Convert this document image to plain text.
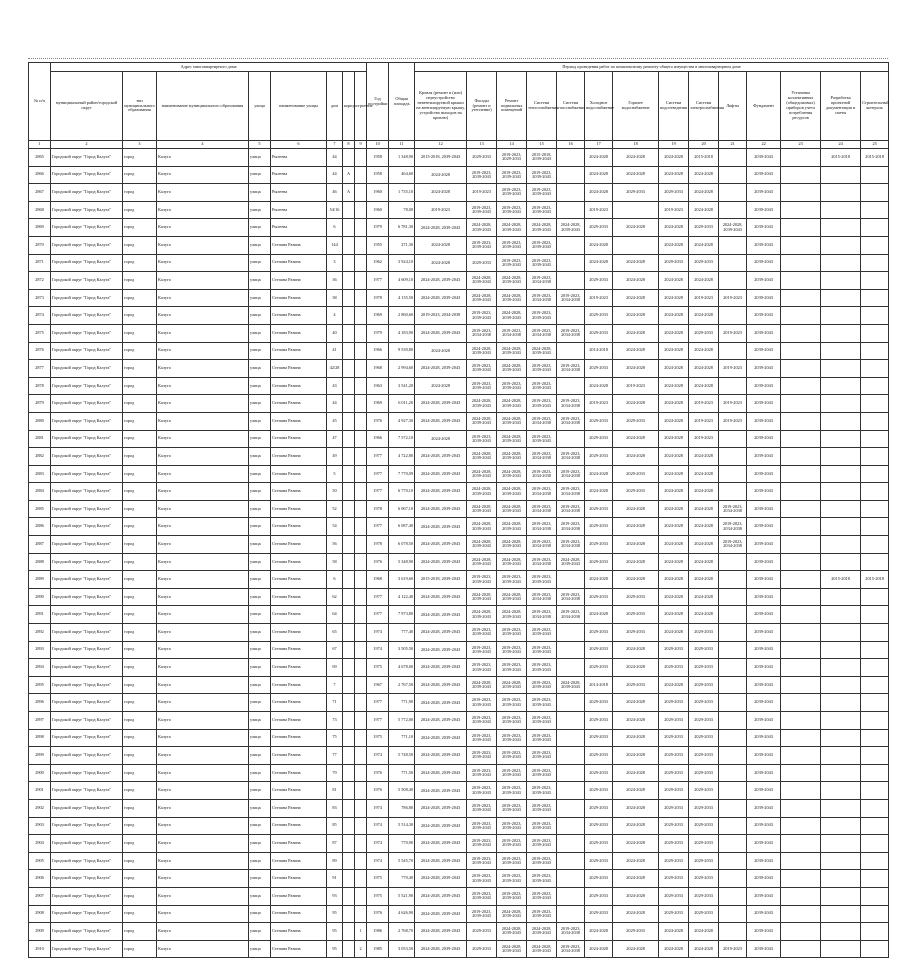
№ п/п	Адрес многоквартирного дома								Год постройки	Общая площадь	Период проведения работ по комплексному ремонту общего имущества в многоквартирном доме													
	муниципальный район/городской округ	тип муниципального образования	наименование муниципального образования	улица	наименование улицы	дом	корпус	строение			Кровля (ремонт и (или) переустройство невентилируемой крыши на вентилируемую крышу, устройство выходов на кровлю)	Фасады (ремонт и утепление)	Ремонт подвальных помещений	Система теплоснабжения	Система газоснабжения	Холодное водоснабжение	Горячее водоснабжение	Система водоотведения	Система электроснабжения	Лифты	Фундамент	Установка коллективных (общедомовых) приборов учета потребления ресурсов	Разработка проектной документации и сметы	Строительный контроль
1	2	3	4	5	6	7	8	9	10	11	12	13	14	15	16	17	18	19	20	21	22	23	24	25
2865	Городской округ "Город Калуга"	город	Калуга	улица	Рылеева	44			1958	1 348,90	2015-2018, 2039-2043	2029-2033	2019-2023, 2029-2033	2015-2018, 2039-2043		2024-2028	2024-2028	2024-2028	2015-2018		2039-2043		2015-2018	2015-2018
2866	Городской округ "Город Калуга"	город	Калуга	улица	Рылеева	44	А		1958	464,60	2024-2028	2019-2023, 2039-2043	2019-2023, 2039-2043	2019-2023, 2039-2043		2024-2028	2024-2028	2024-2028	2024-2028		2039-2043			
2867	Городской округ "Город Калуга"	город	Калуга	улица	Рылеева	46	А		1960	1 735,10	2024-2028	2019-2023	2019-2023, 2039-2043	2019-2023, 2039-2043		2024-2028	2029-2033	2029-2033	2024-2028		2039-2043			
2868	Городской округ "Город Калуга"	город	Калуга	улица	Рылеева	54/16			1960	78,00	2019-2023	2019-2023, 2039-2043	2019-2023, 2039-2043	2019-2023, 2039-2043		2019-2023		2019-2023	2024-2028		2039-2043			
2869	Городской округ "Город Калуга"	город	Калуга	улица	Рылеева	6			1979	6 781,30	2024-2028, 2039-2043	2024-2028, 2039-2043	2024-2028, 2039-2043	2024-2028, 2039-2043	2024-2028, 2039-2043	2029-2033	2024-2028	2024-2028	2029-2033	2024-2028, 2039-2043	2039-2043			
2870	Городской округ "Город Калуга"	город	Калуга	улица	Степана Разина	144			1955	271,30	2024-2028	2019-2023, 2039-2043	2019-2023, 2039-2043	2019-2023, 2039-2043		2024-2028		2024-2028	2024-2028		2039-2043			
2871	Городской округ "Город Калуга"	город	Калуга	улица	Степана Разина	3			1962	3 924,10	2024-2028	2029-2033	2019-2023, 2039-2043	2019-2023, 2039-2043		2024-2028	2024-2028	2029-2033	2029-2033		2039-2043			
2872	Городской округ "Город Калуга"	город	Калуга	улица	Степана Разина	36			1977	4 609,10	2024-2028, 2039-2043	2024-2028, 2039-2043	2024-2028, 2039-2043	2019-2023, 2034-2038		2029-2033	2024-2028	2024-2028	2024-2028		2039-2043			
2873	Городской округ "Город Калуга"	город	Калуга	улица	Степана Разина	38			1978	4 135,50	2024-2028, 2039-2043	2024-2028, 2039-2043	2024-2028, 2039-2043	2019-2023, 2034-2038	2019-2023, 2034-2038	2019-2023	2024-2028	2024-2028	2019-2023	2019-2023	2039-2043			
2874	Городской округ "Город Калуга"	город	Калуга	улица	Степана Разина	4			1969	2 860,60	2019-2023, 2034-2038	2019-2023, 2039-2043	2024-2028, 2039-2043	2019-2023, 2039-2043		2029-2033	2024-2028	2024-2028	2024-2028		2039-2043			
2875	Городской округ "Город Калуга"	город	Калуга	улица	Степана Разина	40			1979	4 183,90	2024-2028, 2039-2043	2019-2023, 2034-2038	2019-2023, 2034-2038	2019-2023, 2034-2038	2019-2023, 2034-2038	2029-2033	2024-2028	2024-2028	2029-2033	2019-2023	2039-2043			
2876	Городской округ "Город Калуга"	город	Калуга	улица	Степана Разина	41			1966	9 539,80	2024-2028	2024-2028, 2039-2043	2024-2028, 2039-2043	2024-2028, 2039-2043		2014-2018	2024-2028	2024-2028	2024-2028		2039-2043			
2877	Городской округ "Город Калуга"	город	Калуга	улица	Степана Разина	42/28			1968	2 994,60	2024-2028, 2039-2043	2019-2023, 2039-2043	2024-2028, 2039-2043	2019-2023, 2039-2043	2019-2023, 2034-2038	2029-2033	2024-2028	2024-2028	2024-2028	2019-2023	2039-2043			
2878	Городской округ "Город Калуга"	город	Калуга	улица	Степана Разина	43			1963	3 541,20	2024-2028	2019-2023, 2039-2043	2019-2023, 2039-2043	2019-2023, 2039-2043		2024-2028	2019-2023	2024-2028	2024-2028		2039-2043			
2879	Городской округ "Город Калуга"	город	Калуга	улица	Степана Разина	44			1969	6 011,20	2024-2028, 2039-2043	2024-2028, 2039-2043	2024-2028, 2039-2043	2019-2023, 2039-2043	2019-2023, 2034-2038	2019-2023	2024-2028	2024-2028	2019-2023	2019-2023	2039-2043			
2880	Городской округ "Город Калуга"	город	Калуга	улица	Степана Разина	45			1976	4 927,30	2024-2028, 2039-2043	2024-2028, 2039-2043	2024-2028, 2039-2043	2019-2023, 2034-2038	2019-2023, 2034-2038	2029-2033	2029-2033	2024-2028	2019-2023	2019-2023	2039-2043			
2881	Городской округ "Город Калуга"	город	Калуга	улица	Степана Разина	47			1966	7 572,10	2024-2028	2019-2023, 2039-2043	2024-2028, 2039-2043	2019-2023, 2039-2043		2029-2033	2024-2028	2024-2028	2019-2023		2039-2043			
2882	Городской округ "Город Калуга"	город	Калуга	улица	Степана Разина	49			1977	4 722,80	2024-2028, 2039-2043	2024-2028, 2039-2043	2024-2028, 2039-2043	2019-2023, 2034-2038	2019-2023, 2034-2038	2029-2033	2024-2028	2024-2028	2024-2028		2039-2043			
2883	Городской округ "Город Калуга"	город	Калуга	улица	Степана Разина	5			1977	7 770,09	2024-2028, 2039-2043	2024-2028, 2039-2043	2024-2028, 2039-2043	2019-2023, 2034-2038	2019-2023, 2034-2038	2024-2028	2029-2033	2024-2028	2024-2028		2039-2043			
2884	Городской округ "Город Калуга"	город	Калуга	улица	Степана Разина	50			1977	6 770,10	2024-2028, 2039-2043	2024-2028, 2039-2043	2024-2028, 2039-2043	2019-2023, 2034-2038	2019-2023, 2034-2038	2024-2028	2029-2033	2024-2028	2024-2028		2039-2043			
2885	Городской округ "Город Калуга"	город	Калуга	улица	Степана Разина	52			1978	6 067,10	2024-2028, 2039-2043	2024-2028, 2039-2043	2024-2028, 2039-2043	2019-2023, 2034-2038	2019-2023, 2034-2038	2029-2033	2024-2028	2024-2028	2024-2028	2019-2023, 2034-2038	2039-2043			
2886	Городской округ "Город Калуга"	город	Калуга	улица	Степана Разина	54			1977	6 087,40	2024-2028, 2039-2043	2024-2028, 2039-2043	2024-2028, 2039-2043	2019-2023, 2034-2038	2019-2023, 2034-2038	2029-2033	2024-2028	2024-2028	2024-2028	2019-2023, 2034-2038	2039-2043			
2887	Городской округ "Город Калуга"	город	Калуга	улица	Степана Разина	56			1978	6 078,50	2024-2028, 2039-2043	2024-2028, 2039-2043	2024-2028, 2039-2043	2019-2023, 2034-2038	2019-2023, 2034-2038	2029-2033	2024-2028	2024-2028	2024-2028	2019-2023, 2034-2038	2039-2043			
2888	Городской округ "Город Калуга"	город	Калуга	улица	Степана Разина	58			1976	5 348,90	2024-2028, 2039-2043	2024-2028, 2039-2043	2024-2028, 2039-2043	2019-2023, 2034-2038	2024-2028, 2039-2043	2029-2033	2024-2028	2024-2028	2024-2028		2039-2043			
2889	Городской округ "Город Калуга"	город	Калуга	улица	Степана Разина	6			1968	3 619,60	2015-2018, 2039-2043	2019-2023, 2039-2043	2019-2023, 2039-2043	2019-2023, 2039-2043		2024-2028	2024-2028	2024-2028	2024-2028		2039-2043		2015-2018	2015-2018
2890	Городской округ "Город Калуга"	город	Калуга	улица	Степана Разина	62			1977	4 122,40	2024-2028, 2039-2043	2024-2028, 2039-2043	2024-2028, 2039-2043	2019-2023, 2034-2038	2019-2023, 2034-2038	2029-2033	2029-2033	2024-2028	2024-2028		2039-2043			
2891	Городской округ "Город Калуга"	город	Калуга	улица	Степана Разина	64			1977	7 973,80	2024-2028, 2039-2043	2024-2028, 2039-2043	2024-2028, 2039-2043	2019-2023, 2034-2038	2019-2023, 2034-2038	2024-2028	2029-2033	2024-2028	2024-2028		2039-2043			
2892	Городской округ "Город Калуга"	город	Калуга	улица	Степана Разина	65			1974	777,40	2024-2028, 2039-2043	2019-2023, 2039-2043	2019-2023, 2039-2043	2019-2023, 2039-2043		2029-2033	2029-2033	2024-2028	2029-2033		2039-2043			
2893	Городской округ "Город Калуга"	город	Калуга	улица	Степана Разина	67			1974	3 505,50	2024-2028, 2039-2043	2019-2023, 2039-2043	2019-2023, 2039-2043	2019-2023, 2039-2043		2029-2033	2024-2028	2029-2033	2029-2033		2039-2043			
2894	Городской округ "Город Калуга"	город	Калуга	улица	Степана Разина	69			1975	4 678,00	2024-2028, 2039-2043	2019-2023, 2039-2043	2019-2023, 2039-2043	2019-2023, 2039-2043		2029-2033	2024-2028	2029-2033	2029-2033		2039-2043			
2895	Городской округ "Город Калуга"	город	Калуга	улица	Степана Разина	7			1967	2 767,50	2024-2028, 2039-2043	2024-2028, 2039-2043	2024-2028, 2039-2043	2019-2023, 2039-2043	2024-2028, 2039-2043	2014-2018	2029-2033	2024-2028	2029-2033		2039-2043			
2896	Городской округ "Город Калуга"	город	Калуга	улица	Степана Разина	71			1977	771,90	2024-2028, 2039-2043	2019-2023, 2039-2043	2019-2023, 2039-2043	2019-2023, 2039-2043		2029-2033	2024-2028	2029-2033	2029-2033		2039-2043			
2897	Городской округ "Город Калуга"	город	Калуга	улица	Степана Разина	73			1977	5 772,00	2024-2028, 2039-2043	2019-2023, 2039-2043	2019-2023, 2039-2043	2019-2023, 2039-2043		2029-2033	2024-2028	2029-2033	2029-2033		2039-2043			
2898	Городской округ "Город Калуга"	город	Калуга	улица	Степана Разина	75			1975	771,10	2024-2028, 2039-2043	2019-2023, 2039-2043	2019-2023, 2039-2043	2019-2023, 2039-2043		2029-2033	2024-2028	2029-2033	2029-2033		2039-2043			
2899	Городской округ "Город Калуга"	город	Калуга	улица	Степана Разина	77			1974	5 748,50	2024-2028, 2039-2043	2019-2023, 2039-2043	2019-2023, 2039-2043	2019-2023, 2039-2043		2029-2033	2024-2028	2029-2033	2029-2033		2039-2043			
2900	Городской округ "Город Калуга"	город	Калуга	улица	Степана Разина	79			1976	771,50	2024-2028, 2039-2043	2019-2023, 2039-2043	2019-2023, 2039-2043	2019-2023, 2039-2043		2029-2033	2024-2028	2029-2033	2029-2033		2039-2043			
2901	Городской округ "Город Калуга"	город	Калуга	улица	Степана Разина	81			1976	5 508,40	2024-2028, 2039-2043	2019-2023, 2039-2043	2019-2023, 2039-2043	2019-2023, 2039-2043		2029-2033	2024-2028	2029-2033	2029-2033		2039-2043			
2902	Городской округ "Город Калуга"	город	Калуга	улица	Степана Разина	83			1974	786,80	2024-2028, 2039-2043	2019-2023, 2039-2043	2019-2023, 2039-2043	2019-2023, 2039-2043		2029-2033	2024-2028	2029-2033	2029-2033		2039-2043			
2903	Городской округ "Город Калуга"	город	Калуга	улица	Степана Разина	85			1974	5 514,30	2024-2028, 2039-2043	2019-2023, 2039-2043	2019-2023, 2039-2043	2019-2023, 2039-2043		2029-2033	2024-2028	2029-2033	2029-2033		2039-2043			
2904	Городской округ "Город Калуга"	город	Калуга	улица	Степана Разина	87			1974	770,90	2024-2028, 2039-2043	2019-2023, 2039-2043	2019-2023, 2039-2043	2019-2023, 2039-2043		2029-2033	2024-2028	2029-2033	2029-2033		2039-2043			
2905	Городской округ "Город Калуга"	город	Калуга	улица	Степана Разина	89			1974	5 545,70	2024-2028, 2039-2043	2019-2023, 2039-2043	2019-2023, 2039-2043	2019-2023, 2039-2043		2029-2033	2024-2028	2029-2033	2029-2033		2039-2043			
2906	Городской округ "Город Калуга"	город	Калуга	улица	Степана Разина	91			1975	770,40	2024-2028, 2039-2043	2019-2023, 2039-2043	2019-2023, 2039-2043	2019-2023, 2039-2043		2029-2033	2024-2028	2029-2033	2029-2033		2039-2043			
2907	Городской округ "Город Калуга"	город	Калуга	улица	Степана Разина	93			1975	5 521,90	2024-2028, 2039-2043	2019-2023, 2039-2043	2019-2023, 2039-2043	2019-2023, 2039-2043		2029-2033	2024-2028	2029-2033	2029-2033		2039-2043			
2908	Городской округ "Город Калуга"	город	Калуга	улица	Степана Разина	95			1976	4 626,90	2024-2028, 2039-2043	2019-2023, 2039-2043	2024-2028, 2039-2043	2019-2023, 2039-2043		2029-2033	2024-2028	2029-2033	2029-2033		2039-2043			
2909	Городской округ "Город Калуга"	город	Калуга	улица	Степана Разина	95		1	1986	2 768,70	2024-2028, 2039-2043	2029-2033	2024-2028, 2039-2043	2024-2028, 2039-2043	2019-2023, 2034-2038	2024-2028	2029-2033	2024-2028	2024-2028		2039-2043			
2910	Городской округ "Город Калуга"	город	Калуга	улица	Степана Разина	95		2	1985	3 053,50	2024-2028, 2039-2043	2029-2033	2024-2028, 2039-2043	2024-2028, 2039-2043	2019-2023, 2034-2038	2024-2028	2024-2028	2024-2028	2024-2028	2019-2023	2039-2043			
